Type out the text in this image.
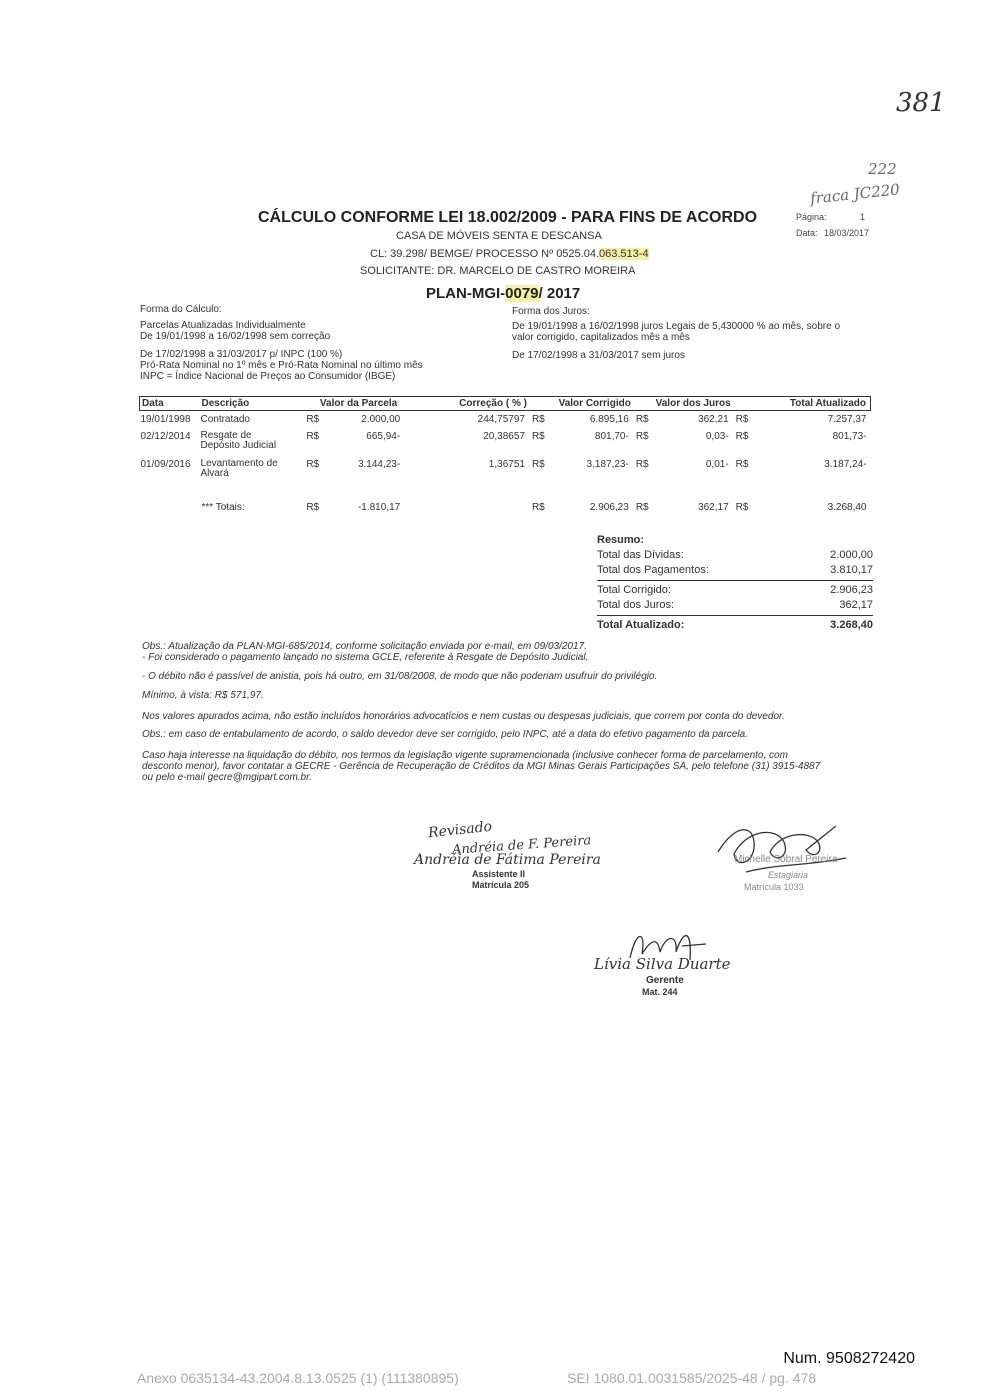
381
222
fraca JC220
Página:	1
Data: 18/03/2017
CÁLCULO CONFORME LEI 18.002/2009 - PARA FINS DE ACORDO
CASA DE MÓVEIS SENTA E DESCANSA
CL: 39.298/ BEMGE/ PROCESSO Nº 0525.04.063.513-4
SOLICITANTE: DR. MARCELO DE CASTRO MOREIRA
PLAN-MGI-0079/ 2017
Forma do Cálculo:
Parcelas Atualizadas Individualmente
De 19/01/1998 a 16/02/1998 sem correção
De 17/02/1998 a 31/03/2017 p/ INPC (100 %)
Pró-Rata Nominal no 1º mês e Pró-Rata Nominal no último mês
INPC = Índice Nacional de Preços ao Consumidor (IBGE)
Forma dos Juros:
De 19/01/1998 a 16/02/1998 juros Legais de 5,430000 % ao mês, sobre o
valor corrigido, capitalizados mês a mês
De 17/02/1998 a 31/03/2017 sem juros
Data	Descrição	Valor da Parcela		Correção ( % )	Valor Corrigido		Valor dos Juros		Total Atualizado	
19/01/1998	Contratado	R$	2.000,00	244,75797	R$	6.895,16	R$	362,21	R$	7.257,37
02/12/2014	Resgate de
Depósito Judicial	R$	665,94-	20,38657	R$	801,70-	R$	0,03-	R$	801,73-
01/09/2016	Levantamento de
Alvará	R$	3.144,23-	1,36751	R$	3.187,23-	R$	0,01-	R$	3.187,24-
	*** Totais:	R$	-1.810,17		R$	2.906,23	R$	362,17	R$	3.268,40
Resumo:
Total das Dívidas:	2.000,00
Total dos Pagamentos:	3.810,17
Total Corrigido:	2.906,23
Total dos Juros:	362,17
Total Atualizado:	3.268,40
Obs.: Atualização da PLAN-MGI-685/2014, conforme solicitação enviada por e-mail, em 09/03/2017.
- Foi considerado o pagamento lançado no sistema GCLE, referente à Resgate de Depósito Judicial.
- O débito não é passível de anistia, pois há outro, em 31/08/2008, de modo que não poderiam usufruir do privilégio.
Mínimo, à vista: R$ 571,97.
Nos valores apurados acima, não estão incluídos honorários advocatícios e nem custas ou despesas judiciais, que correm por conta do devedor.
Obs.: em caso de entabulamento de acordo, o saldo devedor deve ser corrigido, pelo INPC, até a data do efetivo pagamento da parcela.
Caso haja interesse na liquidação do débito, nos termos da legislação vigente supramencionada (inclusive conhecer forma de parcelamento, com
desconto menor), favor contatar a GECRE - Gerência de Recuperação de Créditos da MGI Minas Gerais Participações SA, pelo telefone (31) 3915-4887
ou pelo e-mail gecre@mgipart.com.br.
Revisado
Andréia de F. Pereira
Andréia de Fátima Pereira
Assistente II
Matrícula 205
Michelle Sobral Pereira
Estagiária
Matrícula 1033
Lívia Silva Duarte
Gerente
Mat. 244
Num. 9508272420
Anexo 0635134-43.2004.8.13.0525 (1) (111380895)	SEI 1080.01.0031585/2025-48 / pg. 478
